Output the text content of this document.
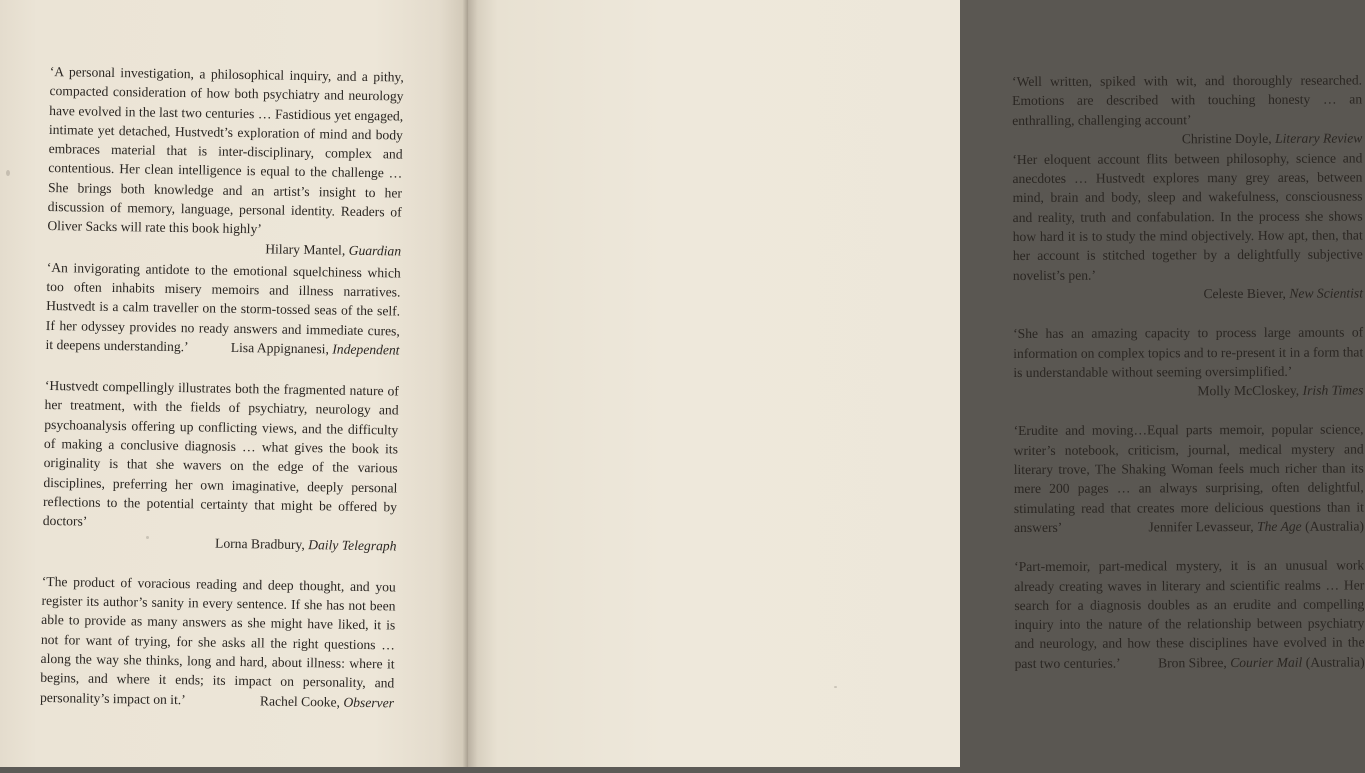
‘A personal investigation, a philosophical inquiry, and a pithy, compacted consideration of how both psychiatry and neurology have evolved in the last two centuries … Fastidious yet engaged, intimate yet detached, Hustvedt’s exploration of mind and body embraces material that is inter-disciplinary, complex and contentious. Her clean intelligence is equal to the challenge … She brings both knowledge and an artist’s insight to her discussion of memory, language, personal identity. Readers of Oliver Sacks will rate this book highly’
Hilary Mantel, Guardian

‘An invigorating antidote to the emotional squelchiness which too often inhabits misery memoirs and illness narratives. Hustvedt is a calm traveller on the storm-tossed seas of the self. If her odyssey provides no ready answers and immediate cures, it deepens understanding.’	Lisa Appignanesi, Independent

‘Hustvedt compellingly illustrates both the fragmented nature of her treatment, with the fields of psychiatry, neurology and psychoanalysis offering up conflicting views, and the difficulty of making a conclusive diagnosis … what gives the book its originality is that she wavers on the edge of the various disciplines, preferring her own imaginative, deeply personal reflections to the potential certainty that might be offered by doctors’
Lorna Bradbury, Daily Telegraph

‘The product of voracious reading and deep thought, and you register its author’s sanity in every sentence. If she has not been able to provide as many answers as she might have liked, it is not for want of trying, for she asks all the right questions … along the way she thinks, long and hard, about illness: where it begins, and where it ends; its impact on personality, and personality’s impact on it.’	Rachel Cooke, Observer

‘Well written, spiked with wit, and thoroughly researched. Emotions are described with touching honesty … an enthralling, challenging account’
Christine Doyle, Literary Review

‘Her eloquent account flits between philosophy, science and anecdotes … Hustvedt explores many grey areas, between mind, brain and body, sleep and wakefulness, consciousness and reality, truth and confabulation. In the process she shows how hard it is to study the mind objectively. How apt, then, that her account is stitched together by a delightfully subjective novelist’s pen.’
Celeste Biever, New Scientist

‘She has an amazing capacity to process large amounts of information on complex topics and to re-present it in a form that is understandable without seeming oversimplified.’
Molly McCloskey, Irish Times

‘Erudite and moving…Equal parts memoir, popular science, writer’s notebook, criticism, journal, medical mystery and literary trove, The Shaking Woman feels much richer than its mere 200 pages … an always surprising, often delightful, stimulating read that creates more delicious questions than it answers’	Jennifer Levasseur, The Age (Australia)

‘Part-memoir, part-medical mystery, it is an unusual work already creating waves in literary and scientific realms … Her search for a diagnosis doubles as an erudite and compelling inquiry into the nature of the relationship between psychiatry and neurology, and how these disciplines have evolved in the past two centuries.’	Bron Sibree, Courier Mail (Australia)
